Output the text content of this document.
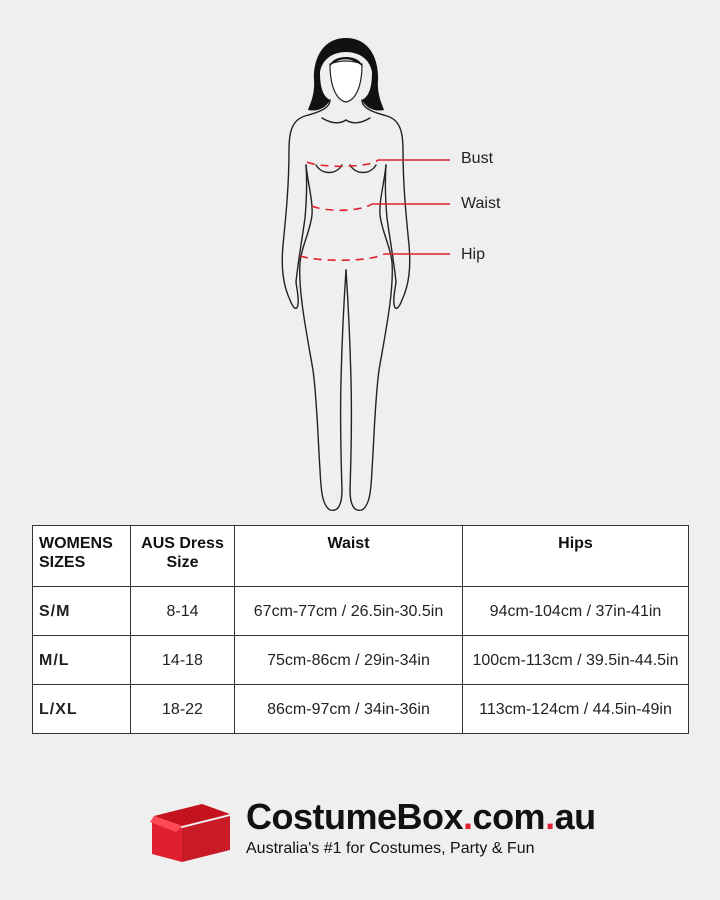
Bust
Waist
Hip
WOMENS SIZES	AUS Dress Size	Waist	Hips
S/M	8-14	67cm-77cm / 26.5in-30.5in	94cm-104cm / 37in-41in
M/L	14-18	75cm-86cm / 29in-34in	100cm-113cm / 39.5in-44.5in
L/XL	18-22	86cm-97cm / 34in-36in	113cm-124cm / 44.5in-49in
CostumeBox.com.au
Australia's #1 for Costumes, Party & Fun
